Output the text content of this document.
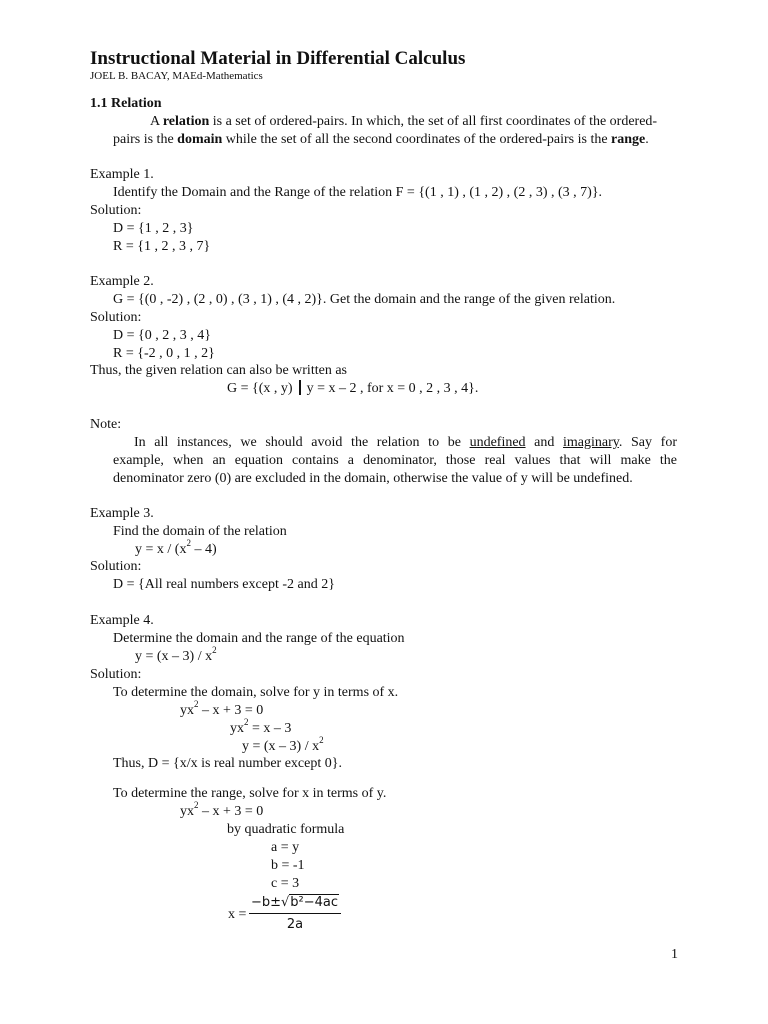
Instructional Material in Differential Calculus
JOEL B. BACAY, MAEd-Mathematics
1.1 Relation
A relation is a set of ordered-pairs. In which, the set of all first coordinates of the ordered-
pairs is the domain while the set of all the second coordinates of the ordered-pairs is the range.
Example 1.
Identify the Domain and the Range of the relation F = {(1 , 1) , (1 , 2) , (2 , 3) , (3 , 7)}.
Solution:
D = {1 , 2 , 3}
R = {1 , 2 , 3 , 7}
Example 2.
G = {(0 , -2) , (2 , 0) , (3 , 1) , (4 , 2)}. Get the domain and the range of the given relation.
Solution:
D = {0 , 2 , 3 , 4}
R = {-2 , 0 , 1 , 2}
Thus, the given relation can also be written as
G = {(x , y) y = x – 2 , for x = 0 , 2 , 3 , 4}.
Note:
In all instances, we should avoid the relation to be undefined and imaginary. Say for
example, when an equation contains a denominator, those real values that will make the
denominator zero (0) are excluded in the domain, otherwise the value of y will be undefined.
Example 3.
Find the domain of the relation
$y = x / (x^2 - 4)$
Solution:
D = {All real numbers except -2 and 2}
Example 4.
Determine the domain and the range of the equation
$y = (x - 3) / x^2$
Solution:
To determine the domain, solve for y in terms of x.
$yx^2 - x + 3 = 0$
$yx^2 = x - 3$
$y = (x - 3) / x^2$
Thus, D = {x/x is real number except 0}.
To determine the range, solve for x in terms of y.
$yx^2 - x + 3 = 0$
by quadratic formula
a = y
b = -1
c = 3
x =
−b±√b²−4ac
2a
1
